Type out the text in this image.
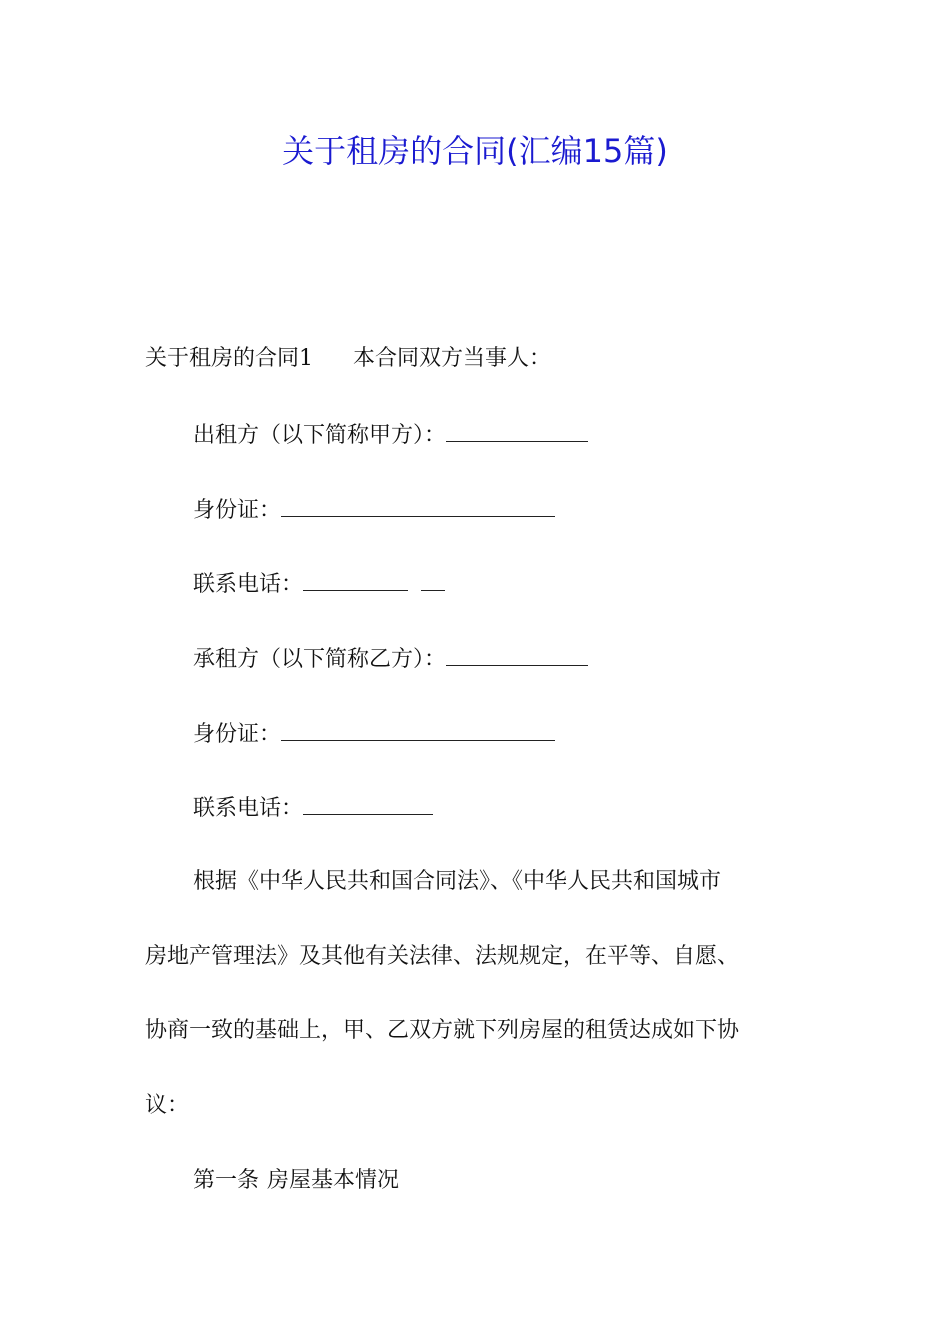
关于租房的合同(汇编15篇)
关于租房的合同1 本合同双方当事人：
出租方（以下简称甲方）：
身份证：
联系电话：
承租方（以下简称乙方）：
身份证：
联系电话：
根据《中华人民共和国合同法》、《中华人民共和国城市
房地产管理法》及其他有关法律、法规规定，在平等、自愿、
协商一致的基础上，甲、乙双方就下列房屋的租赁达成如下协
议：
第一条 房屋基本情况
